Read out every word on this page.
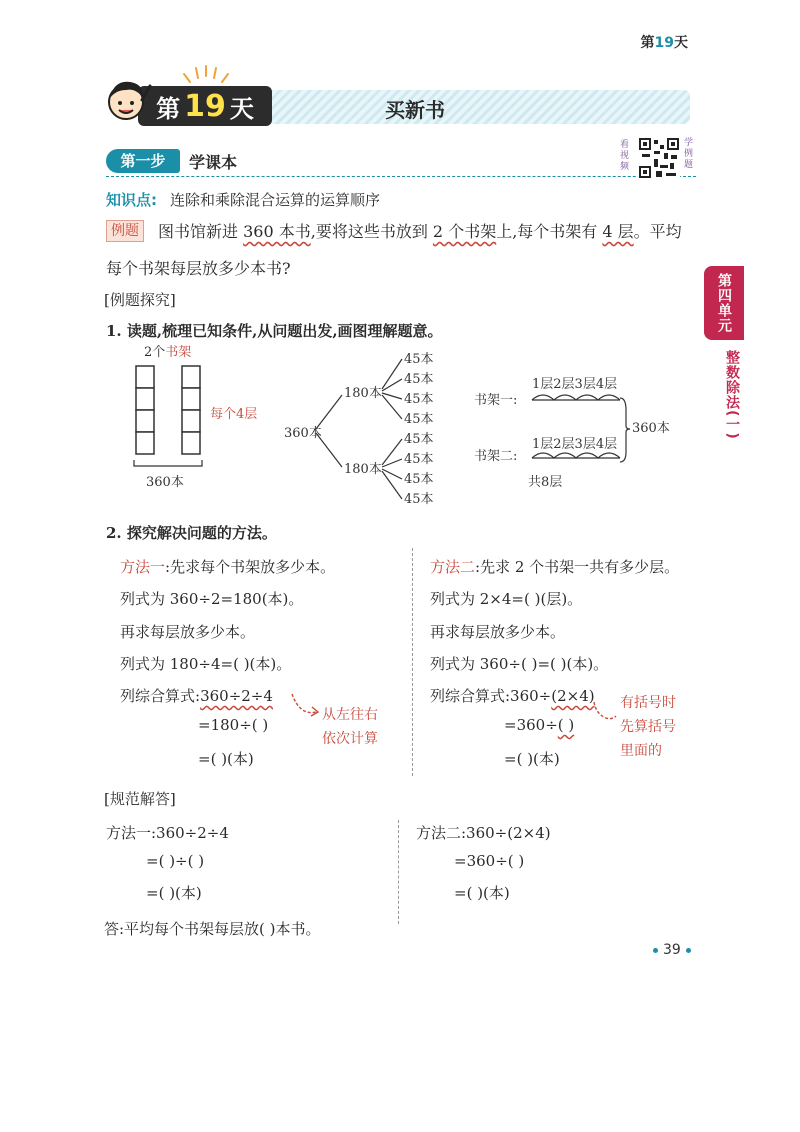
第19天
第 19 天	买新书
第一步	学课本
看视频
学例题
知识点: 连除和乘除混合运算的运算顺序
例题	图书馆新进 360 本书,要将这些书放到 2 个书架上,每个书架有 4 层。平均
每个书架每层放多少本书?
[例题探究]
1. 读题,梳理已知条件,从问题出发,画图理解题意。
2个书架
每个4层
360本
360本
180本
180本
45本
45本
45本
45本
45本
45本
45本
45本
书架一:
1层2层3层4层
书架二:
1层2层3层4层
360本
共8层
第四单元
整数除法(一)
2. 探究解决问题的方法。
方法一:先求每个书架放多少本。
列式为 360÷2=180(本)。
再求每层放多少本。
列式为 180÷4=( )(本)。
列综合算式:360÷2÷4
=180÷( )
=( )(本)
从左往右
依次计算
方法二:先求 2 个书架一共有多少层。
列式为 2×4=( )(层)。
再求每层放多少本。
列式为 360÷( )=( )(本)。
列综合算式:360÷(2×4)
=360÷( )
=( )(本)
有括号时
先算括号
里面的
[规范解答]
方法一:360÷2÷4
=( )÷( )
=( )(本)
方法二:360÷(2×4)
=360÷( )
=( )(本)
答:平均每个书架每层放( )本书。
39
